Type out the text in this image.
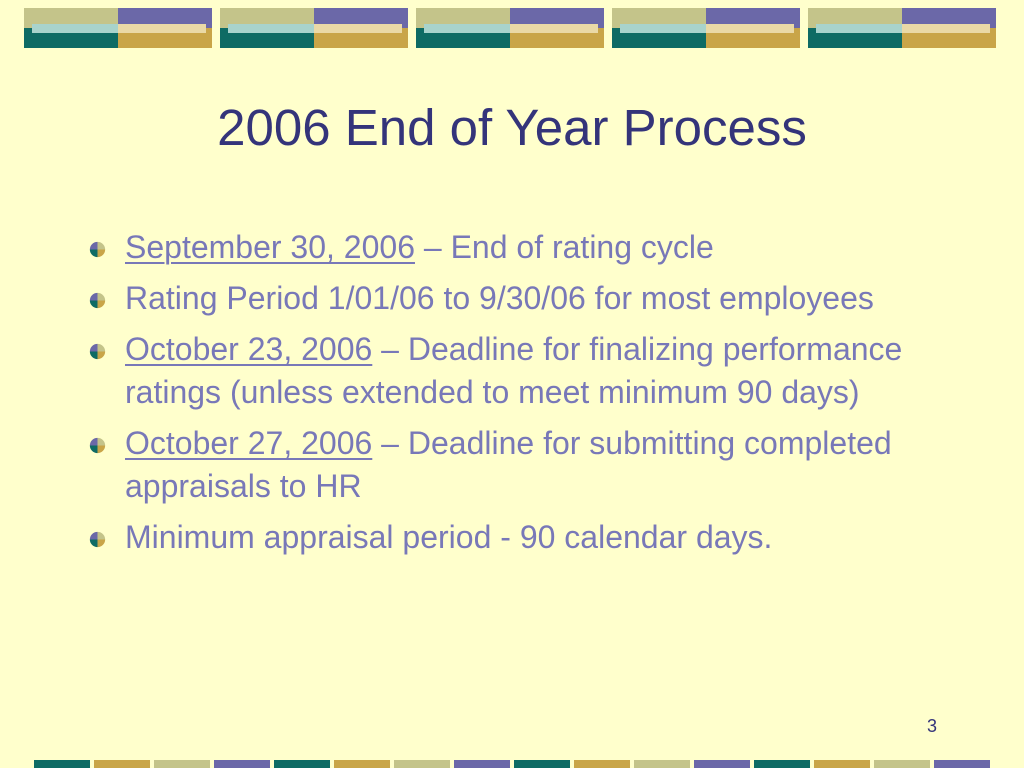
2006 End of Year Process
September 30, 2006 – End of rating cycle
Rating Period 1/01/06 to 9/30/06 for most employees
October 23, 2006 – Deadline for finalizing performance ratings (unless extended to meet minimum 90 days)
October 27, 2006 – Deadline for submitting completed appraisals to HR
Minimum appraisal period - 90 calendar days.
3
